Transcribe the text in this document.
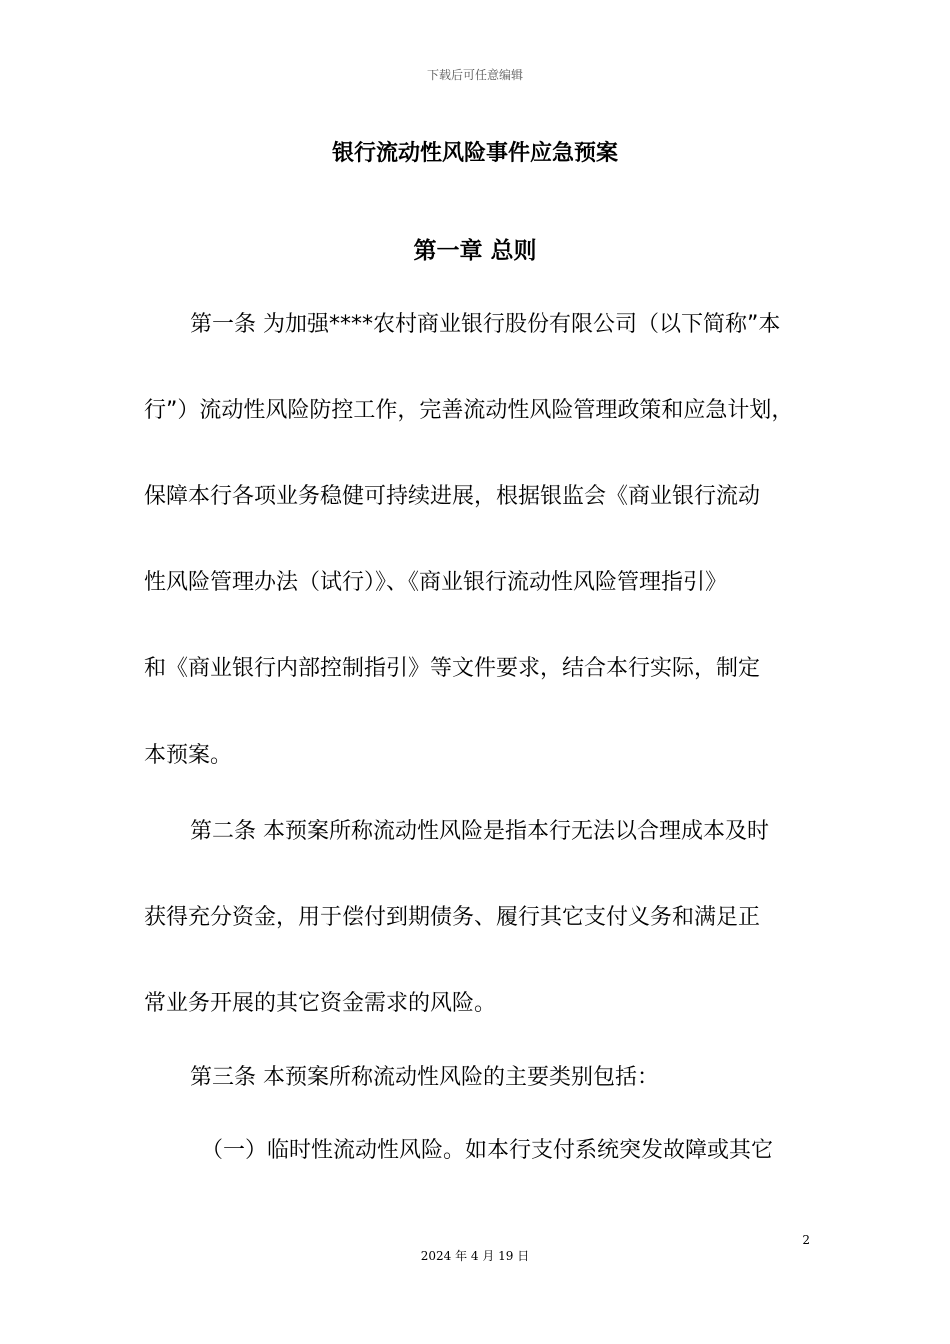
下载后可任意编辑
银行流动性风险事件应急预案
第一章 总则
第一条 为加强****农村商业银行股份有限公司（以下简称”本
行”）流动性风险防控工作，完善流动性风险管理政策和应急计划，
保障本行各项业务稳健可持续进展，根据银监会《商业银行流动
性风险管理办法（试行）》、《商业银行流动性风险管理指引》
和《商业银行内部控制指引》等文件要求，结合本行实际，制定
本预案。
第二条 本预案所称流动性风险是指本行无法以合理成本及时
获得充分资金，用于偿付到期债务、履行其它支付义务和满足正
常业务开展的其它资金需求的风险。
第三条 本预案所称流动性风险的主要类别包括：
（一）临时性流动性风险。如本行支付系统突发故障或其它
2
2024 年 4 月 19 日
